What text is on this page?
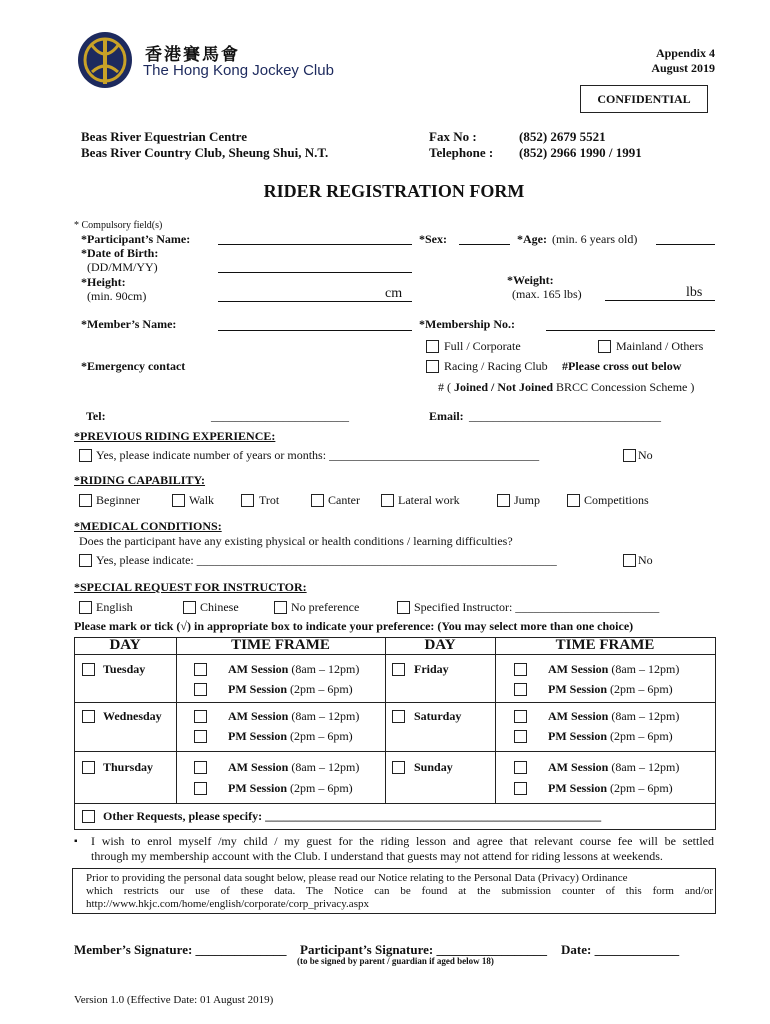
香港賽馬會
The Hong Kong Jockey Club
Appendix 4
August 2019
CONFIDENTIAL
Beas River Equestrian Centre
Beas River Country Club, Sheung Shui, N.T.
Fax No :	(852) 2679 5521
Telephone : (852) 2966 1990 / 1991
RIDER REGISTRATION FORM
* Compulsory field(s)
*Participant’s Name:	*Sex:	*Age: (min. 6 years old)
*Date of Birth:
(DD/MM/YY)
*Weight:
(max. 165 lbs)	lbs
*Height:
(min. 90cm)	cm
*Member’s Name:	*Membership No.:
Full / Corporate	Mainland / Others
*Emergency contact	Racing / Racing Club #Please cross out below
# ( Joined / Not Joined BRCC Concession Scheme )
Tel:	_______________________	Email: ________________________________
*PREVIOUS RIDING EXPERIENCE:
Yes, please indicate number of years or months: ___________________________________	No
*RIDING CAPABILITY:
Beginner	Walk	Trot	Canter	Lateral work	Jump	Competitions
*MEDICAL CONDITIONS:
Does the participant have any existing physical or health conditions / learning difficulties?
Yes, please indicate: ____________________________________________________________	No
*SPECIAL REQUEST FOR INSTRUCTOR:
English	Chinese	No preference	Specified Instructor: ________________________
Please mark or tick (√) in appropriate box to indicate your preference: (You may select more than one choice)
DAY	TIME FRAME	DAY	TIME FRAME
Tuesday	AM Session (8am – 12pm)
PM Session (2pm – 6pm)
Friday	AM Session (8am – 12pm)
PM Session (2pm – 6pm)
Wednesday	AM Session (8am – 12pm)
PM Session (2pm – 6pm)
Saturday	AM Session (8am – 12pm)
PM Session (2pm – 6pm)
Thursday	AM Session (8am – 12pm)
PM Session (2pm – 6pm)
Sunday	AM Session (8am – 12pm)
PM Session (2pm – 6pm)
Other Requests, please specify: ________________________________________________________
▪ I wish to enrol myself /my child / my guest for the riding lesson and agree that relevant course fee will be settled
through my membership account with the Club. I understand that guests may not attend for riding lessons at weekends.
Prior to providing the personal data sought below, please read our Notice relating to the Personal Data (Privacy) Ordinance
which restricts our use of these data. The Notice can be found at the submission counter of this form and/or
http://www.hkjc.com/home/english/corporate/corp_privacy.aspx
Member’s Signature: ______________ Participant’s Signature: _________________ Date: _____________
(to be signed by parent / guardian if aged below 18)
Version 1.0 (Effective Date: 01 August 2019)
